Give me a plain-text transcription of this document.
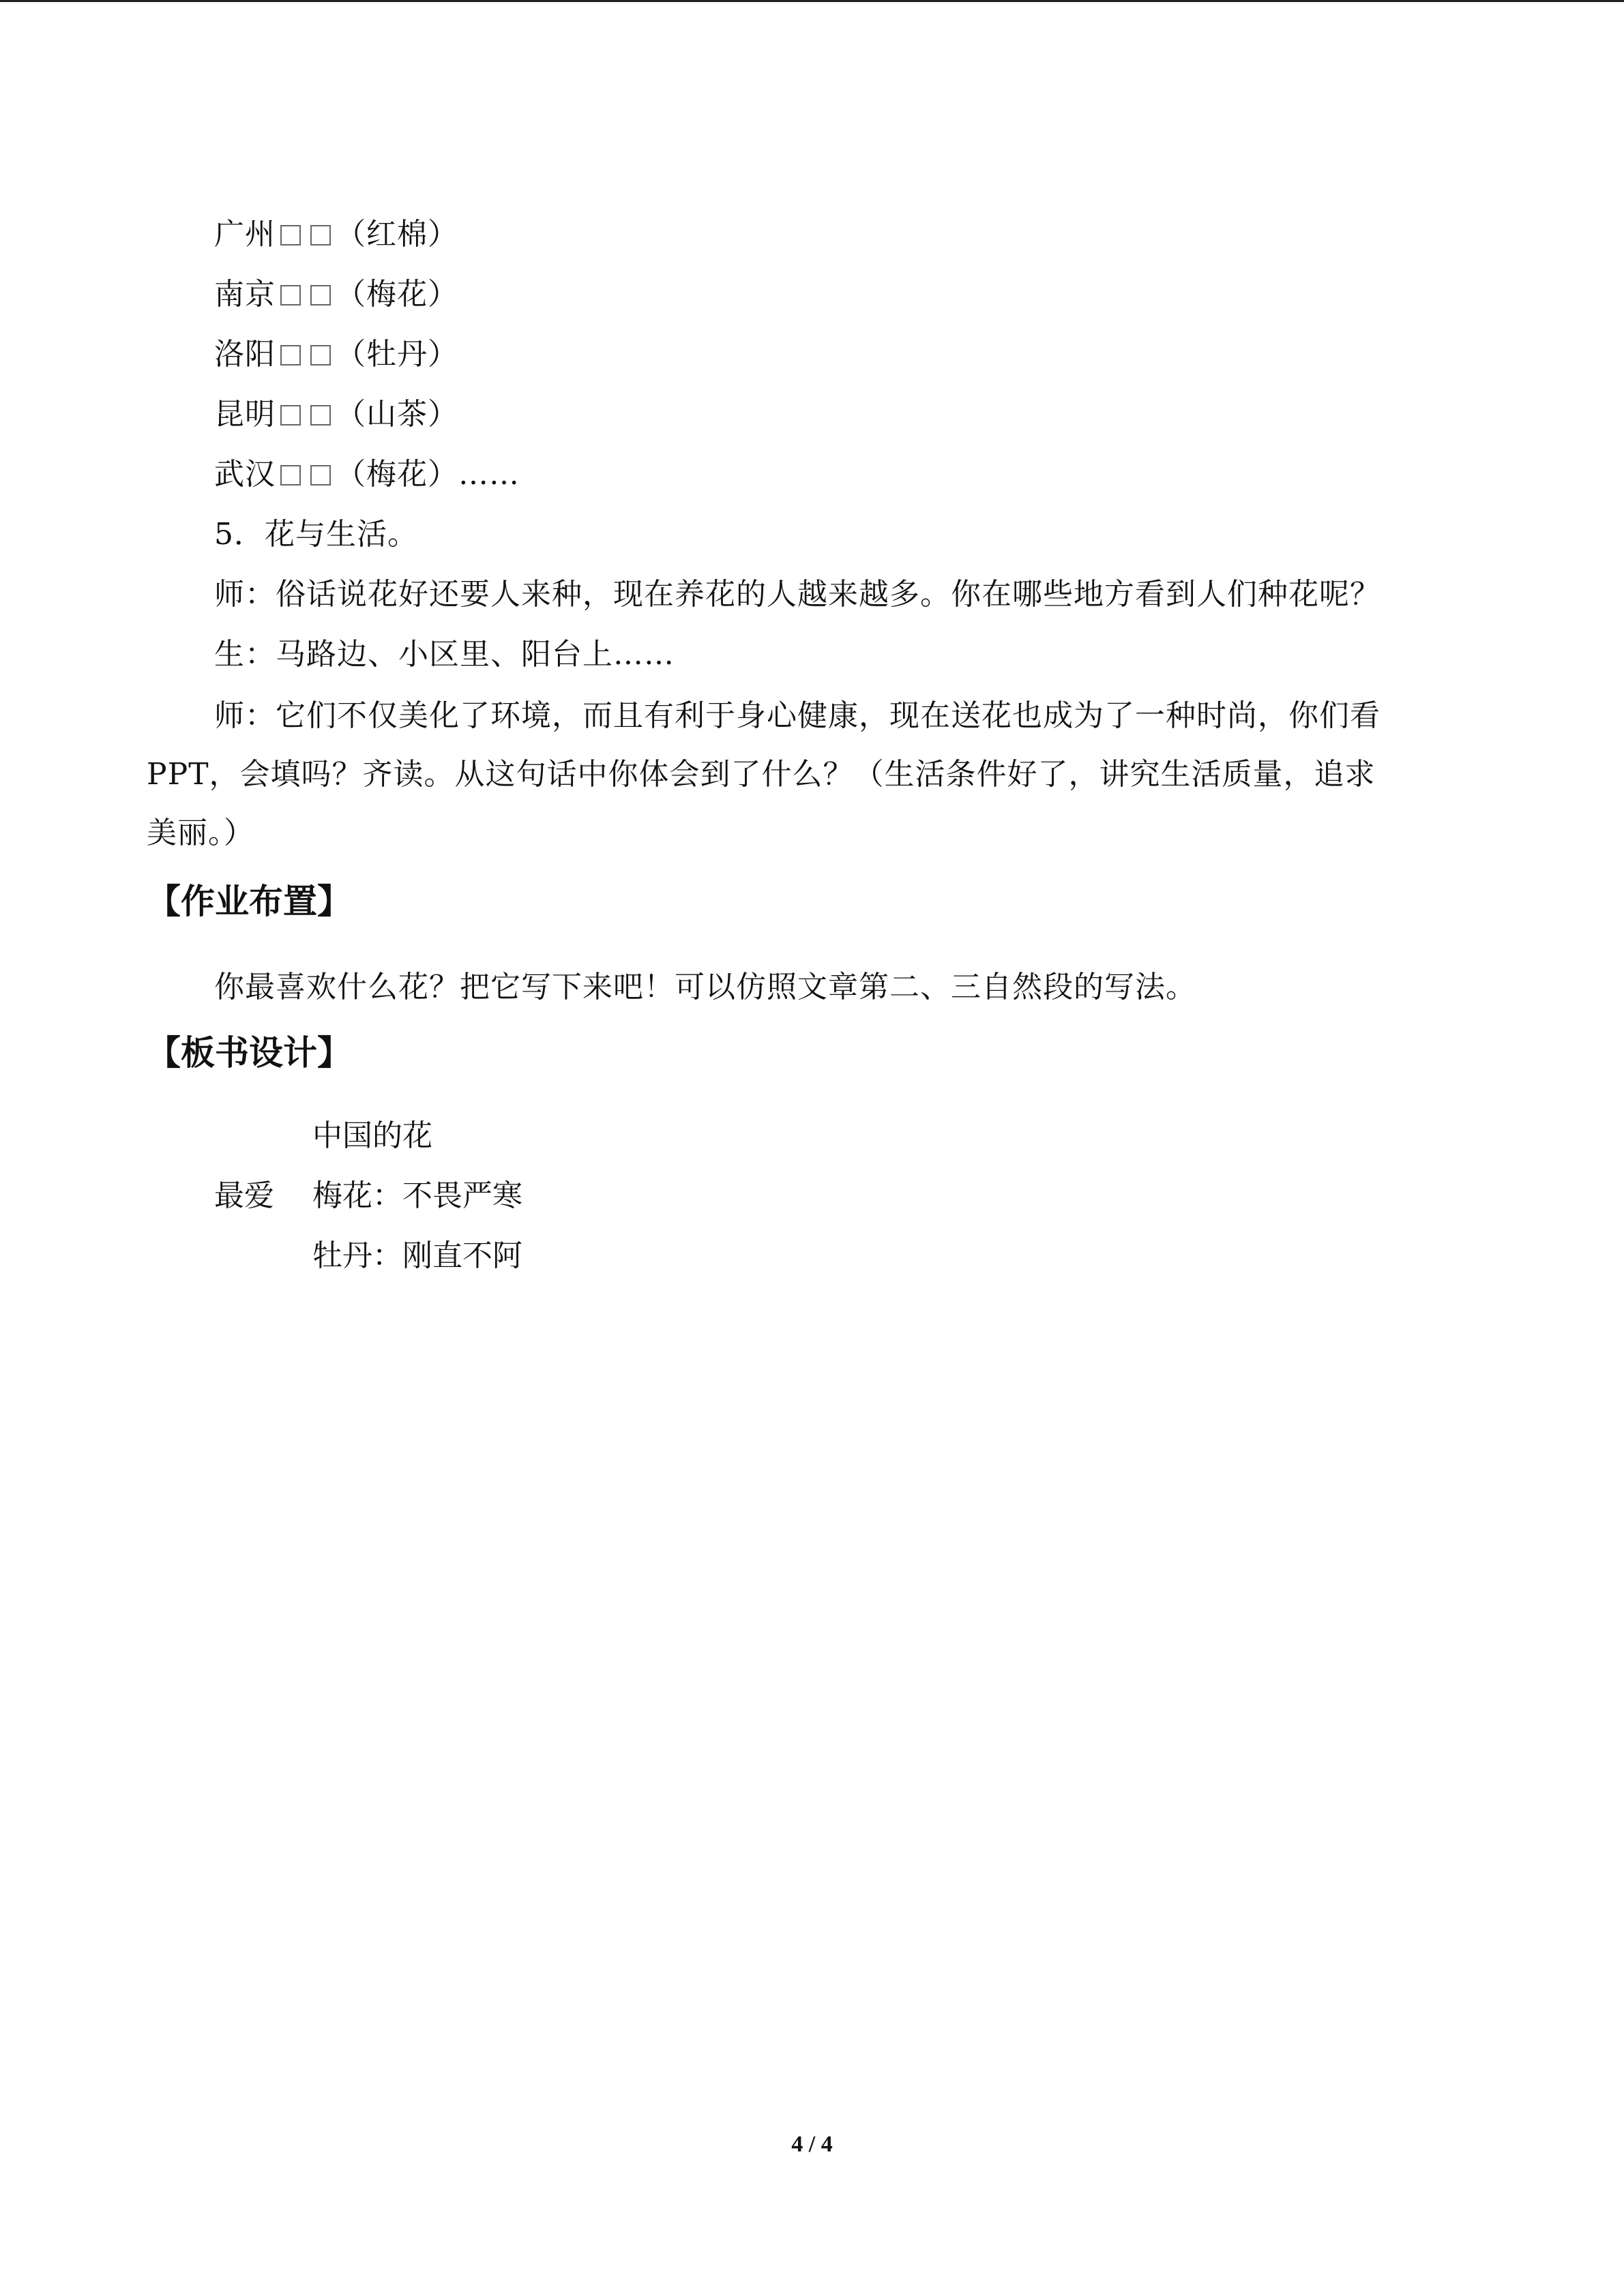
广州 （红棉）
南京 （梅花）
洛阳 （牡丹）
昆明 （山茶）
武汉 （梅花）……
5．花与生活。
师：俗话说花好还要人来种，现在养花的人越来越多。你在哪些地方看到人们种花呢？
生：马路边、小区里、阳台上……
师：它们不仅美化了环境，而且有利于身心健康，现在送花也成为了一种时尚，你们看
PPT，会填吗？齐读。从这句话中你体会到了什么？（生活条件好了，讲究生活质量，追求
美丽。）
【作业布置】
你最喜欢什么花？把它写下来吧！可以仿照文章第二、三自然段的写法。
【板书设计】
中国的花
最爱 梅花：不畏严寒
牡丹：刚直不阿
4 / 4
